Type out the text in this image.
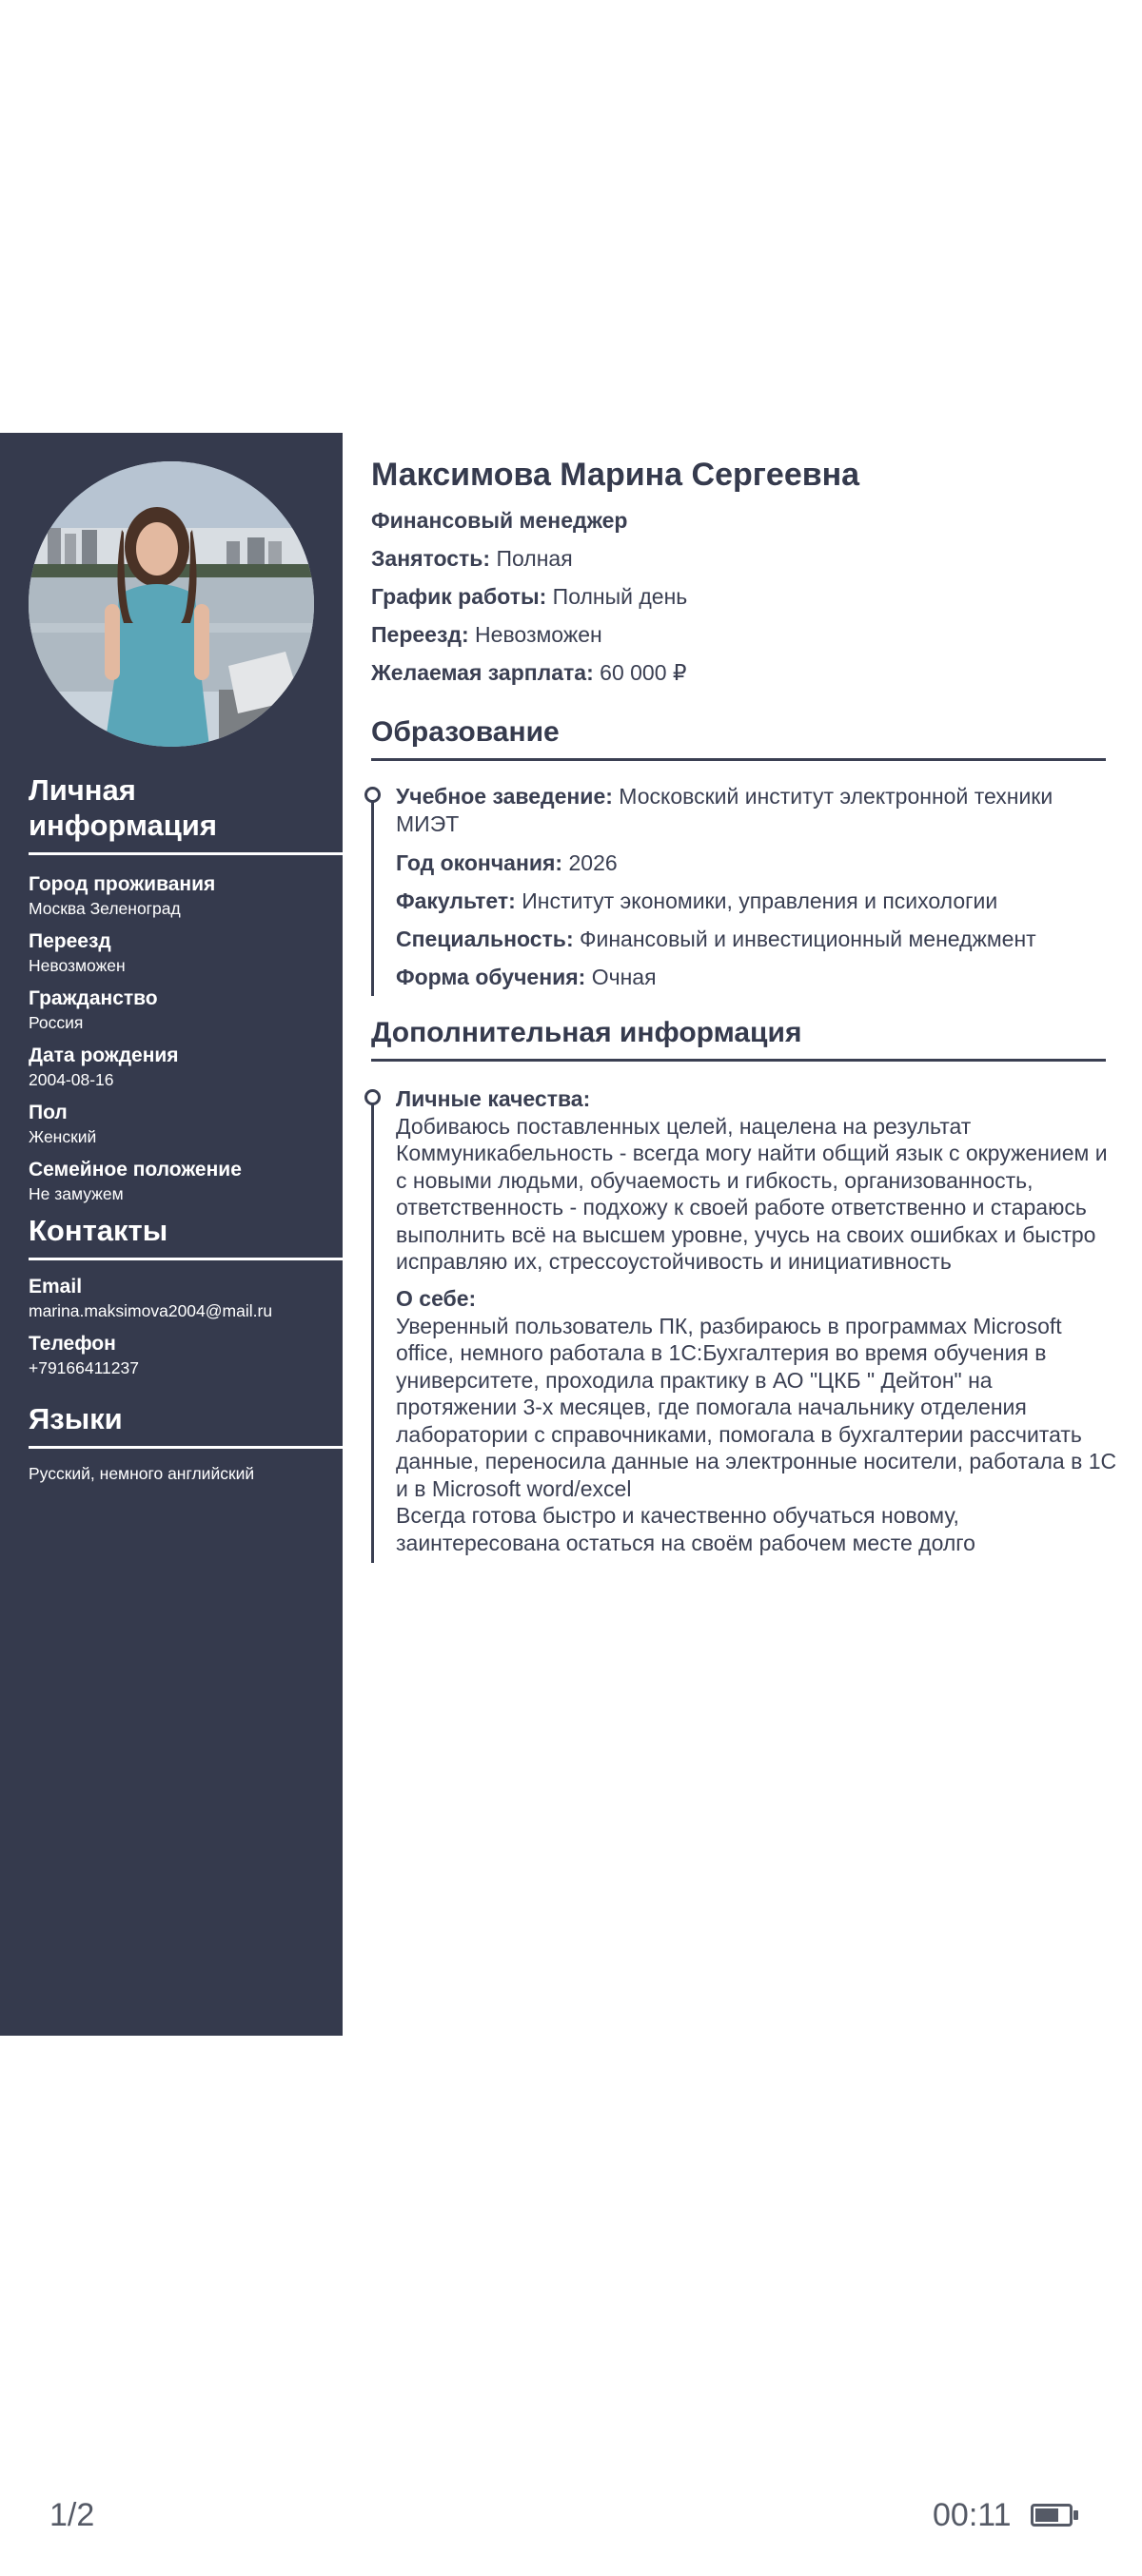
Личная информация

Город проживания

Москва Зеленоград

Переезд

Невозможен

Гражданство

Россия

Дата рождения

2004-08-16

Пол

Женский

Семейное положение

Не замужем

Контакты

Email

marina.maksimova2004@mail.ru

Телефон

+79166411237

Языки

Русский, немного английский

Максимова Марина Сергеевна
Финансовый менеджер
Занятость: Полная
График работы: Полный день
Переезд: Невозможен
Желаемая зарплата: 60 000 ₽
Образование
Учебное заведение: Московский институт электронной техники МИЭТ
Год окончания: 2026
Факультет: Институт экономики, управления и психологии
Специальность: Финансовый и инвестиционный менеджмент
Форма обучения: Очная
Дополнительная информация
Личные качества:
Добиваюсь поставленных целей, нацелена на результат Коммуникабельность - всегда могу найти общий язык с окружением и с новыми людьми, обучаемость и гибкость, организованность, ответственность - подхожу к своей работе ответственно и стараюсь выполнить всё на высшем уровне, учусь на своих ошибках и быстро исправляю их, стрессоустойчивость и инициативность
О себе:
Уверенный пользователь ПК, разбираюсь в программах Microsoft office, немного работала в 1С:Бухгалтерия во время обучения в университете, проходила практику в АО "ЦКБ " Дейтон" на протяжении 3-х месяцев, где помогала начальнику отделения лаборатории с справочниками, помогала в бухгалтерии рассчитать данные, переносила данные на электронные носители, работала в 1С и в Microsoft word/excel
Всегда готова быстро и качественно обучаться новому, заинтересована остаться на своём рабочем месте долго
1/2	00:11
